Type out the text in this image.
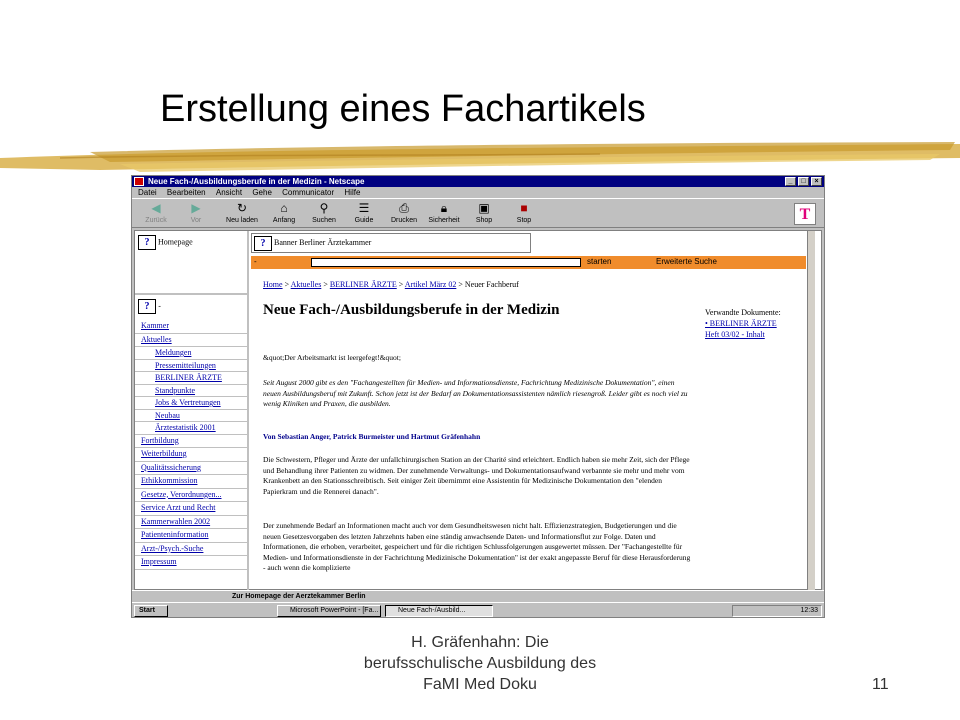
Erstellung eines Fachartikels
Neue Fach-/Ausbildungsberufe in der Medizin - Netscape	_	□	×
Datei Bearbeiten Ansicht Gehe Communicator Hilfe
◀
Zurück
▶
Vor
↻
Neu laden
⌂
Anfang
⚲
Suchen
☰
Guide
⎙
Drucken
🔒︎
Sicherheit
▣
Shop
■
Stop	T
? Homepage
? -
Kammer
Aktuelles
Meldungen
Pressemitteilungen
BERLINER ÄRZTE
Standpunkte
Jobs & Vertretungen
Neubau
Ärztestatistik 2001
Fortbildung
Weiterbildung
Qualitätssicherung
Ethikkommission
Gesetze, Verordnungen...
Service Arzt und Recht
Kammerwahlen 2002
Patienteninformation
Arzt-/Psych.-Suche
Impressum
? Banner Berliner Ärztekammer
-	starten	Erweiterte Suche
Home > Aktuelles > BERLINER ÄRZTE > Artikel März 02 > Neuer Fachberuf
Neue Fach-/Ausbildungsberufe in der Medizin	Verwandte Dokumente:
• BERLINER ÄRZTE
Heft 03/02 - Inhalt
&quot;Der Arbeitsmarkt ist leergefegt!&quot;
Seit August 2000 gibt es den "Fachangestellten für Medien- und Informationsdienste, Fachrichtung Medizinische Dokumentation", einen neuen Ausbildungsberuf mit Zukunft. Schon jetzt ist der Bedarf an Dokumentationsassistenten nämlich riesengroß. Leider gibt es noch viel zu wenig Kliniken und Praxen, die ausbilden.
Von Sebastian Anger, Patrick Burmeister und Hartmut Gräfenhahn
Die Schwestern, Pfleger und Ärzte der unfallchirurgischen Station an der Charité sind erleichtert. Endlich haben sie mehr Zeit, sich der Pflege und Behandlung ihrer Patienten zu widmen. Der zunehmende Verwaltungs- und Dokumentationsaufwand verbannte sie mehr und mehr vom Krankenbett an den Stationsschreibtisch. Seit einiger Zeit übernimmt eine Assistentin für Medizinische Dokumentation den "elenden Papierkram und die Rennerei danach".
Der zunehmende Bedarf an Informationen macht auch vor dem Gesundheitswesen nicht halt. Effizienzstrategien, Budgetierungen und die neuen Gesetzesvorgaben des letzten Jahrzehnts haben eine ständig anwachsende Daten- und Informationsflut zur Folge. Daten und Informationen, die erhoben, verarbeitet, gespeichert und für die richtigen Schlussfolgerungen ausgewertet müssen. Der "Fachangestellte für Medien- und Informationsdienste in der Fachrichtung Medizinische Dokumentation" ist der exakt angepasste Beruf für diese Herausforderung - auch wenn die komplizierte
Zur Homepage der Aerztekammer Berlin
Start	Microsoft PowerPoint - [Fa...	Neue Fach-/Ausbild...	12:33
H. Gräfenhahn: Die
berufsschulische Ausbildung des
FaMI Med Doku	11
